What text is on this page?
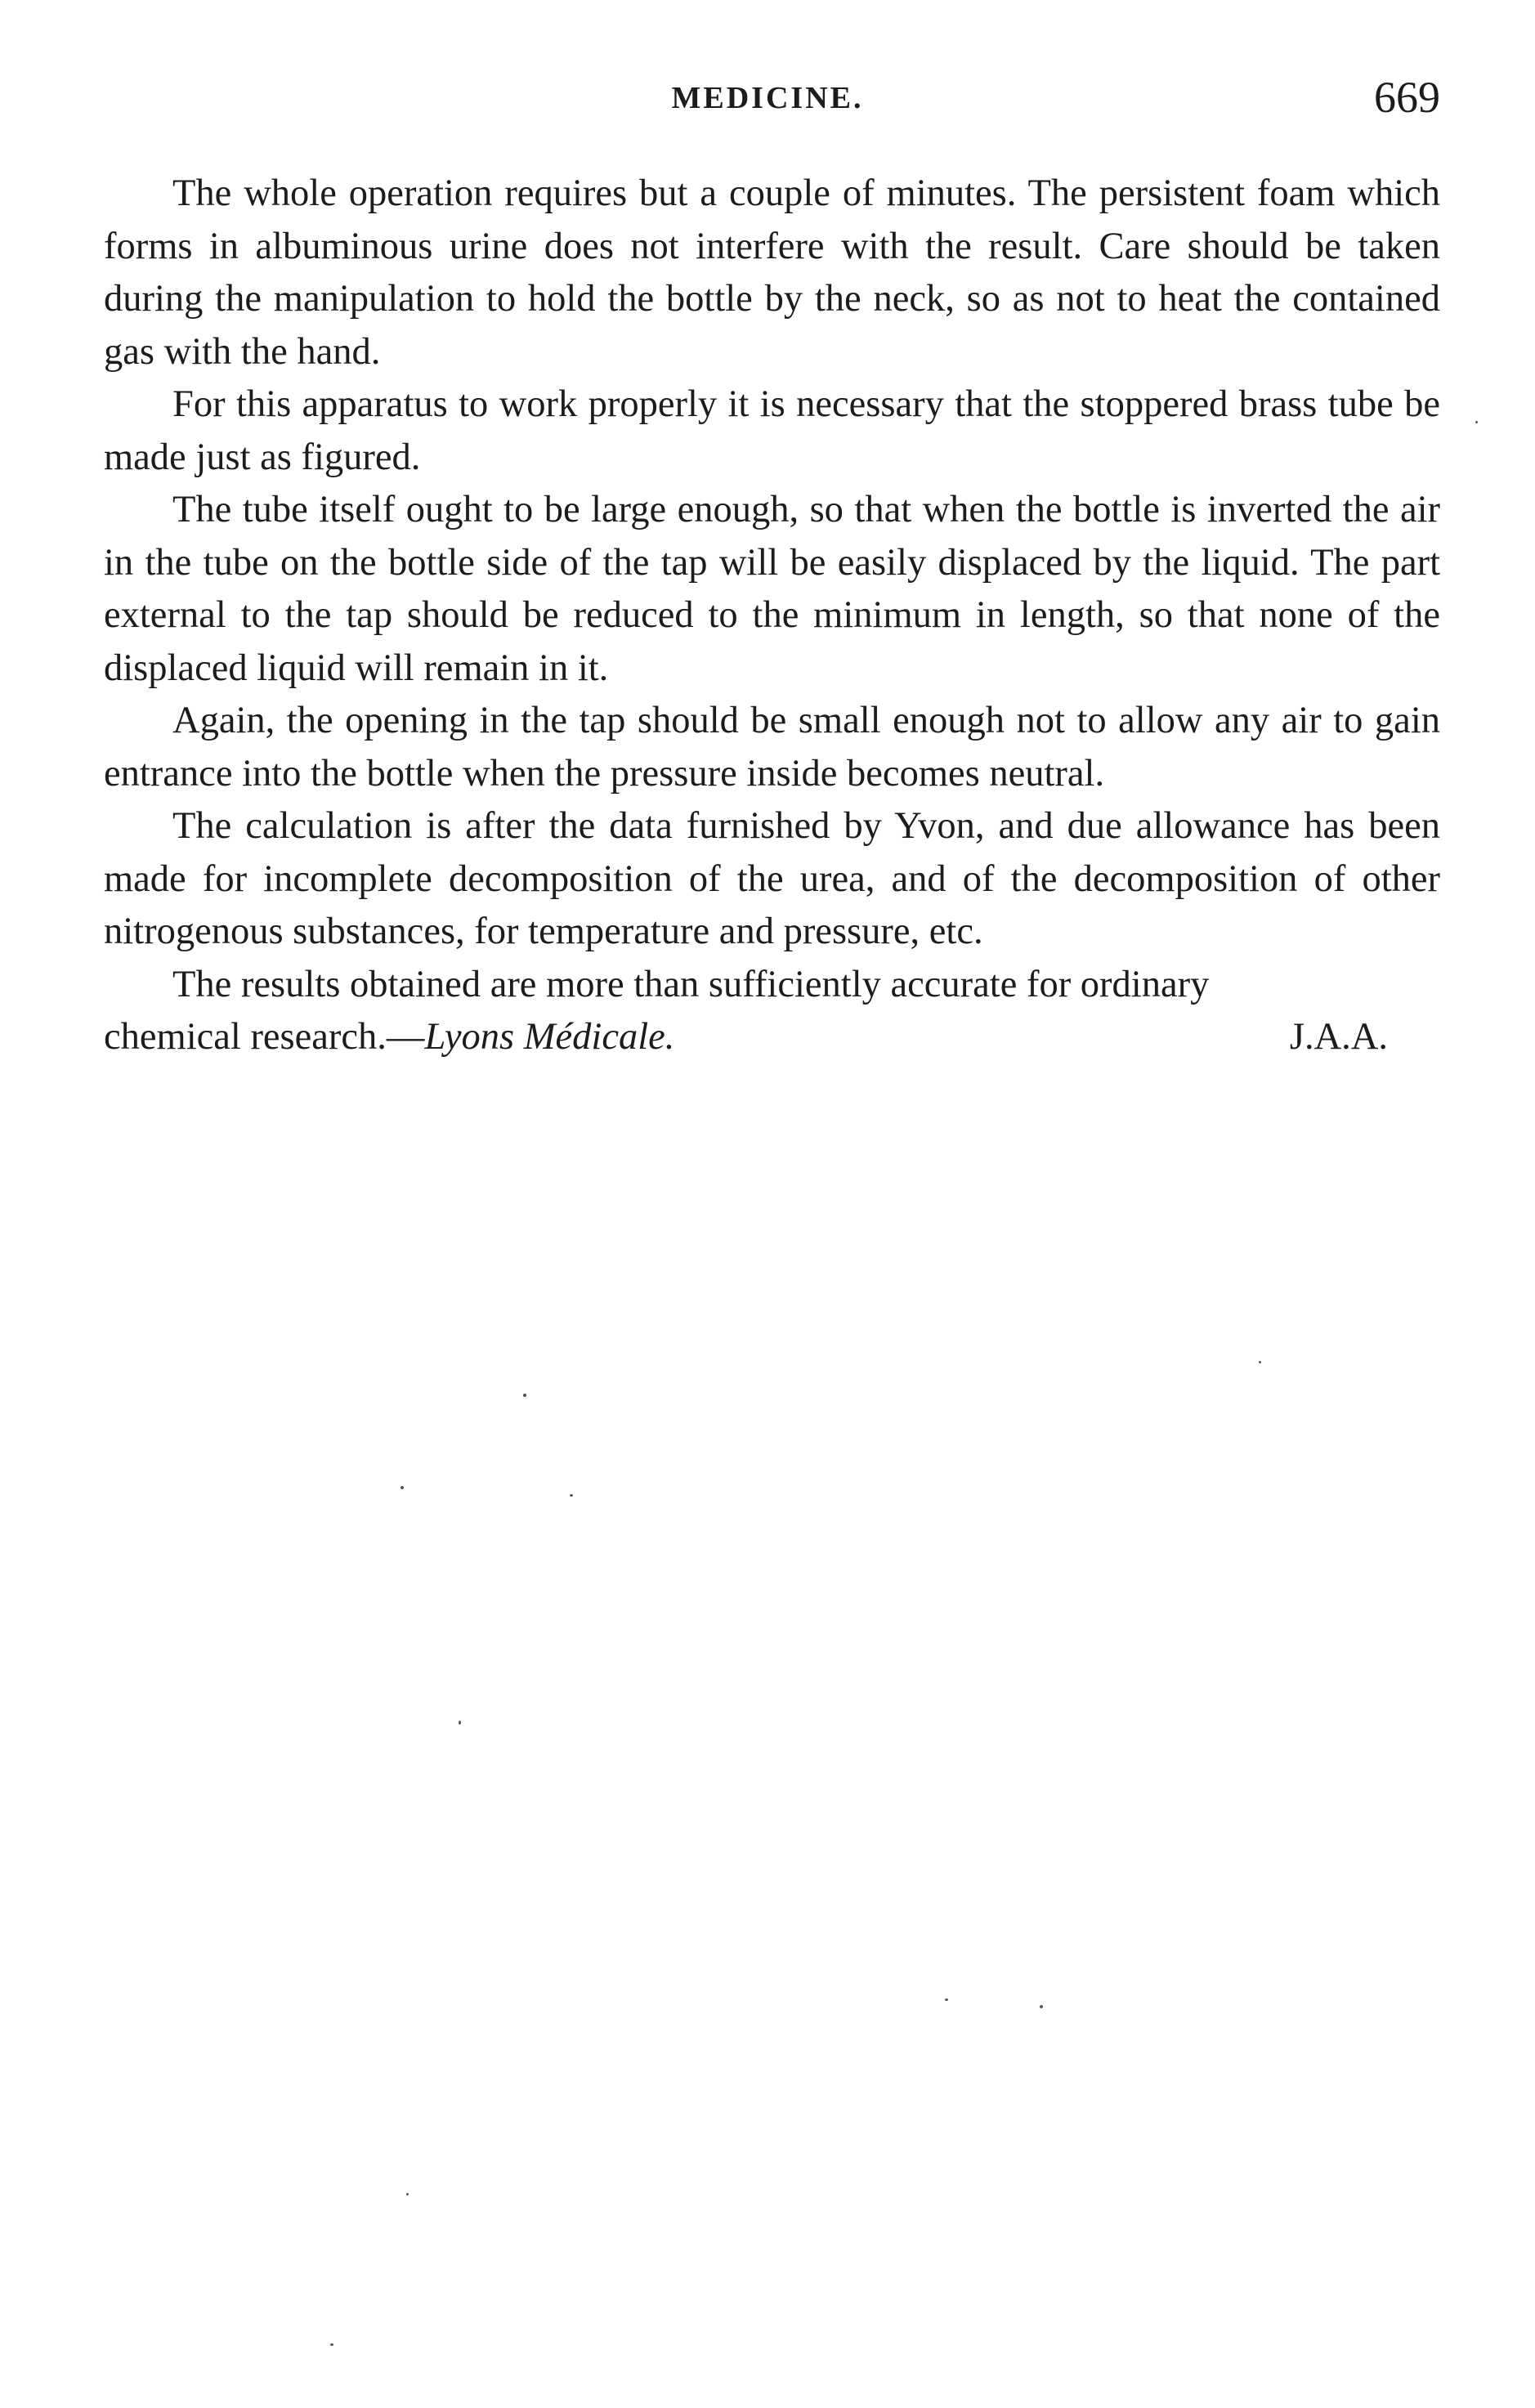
MEDICINE.	669

The whole operation requires but a couple of minutes. The persistent foam which forms in albuminous urine does not interfere with the result. Care should be taken during the manipulation to hold the bottle by the neck, so as not to heat the contained gas with the hand.

For this apparatus to work properly it is necessary that the stoppered brass tube be made just as figured.

The tube itself ought to be large enough, so that when the bottle is inverted the air in the tube on the bottle side of the tap will be easily displaced by the liquid. The part external to the tap should be reduced to the minimum in length, so that none of the displaced liquid will remain in it.

Again, the opening in the tap should be small enough not to allow any air to gain entrance into the bottle when the pressure inside becomes neutral.

The calculation is after the data furnished by Yvon, and due allowance has been made for incomplete decomposition of the urea, and of the decomposition of other nitrogenous substances, for temperature and pressure, etc.

The results obtained are more than sufficiently accurate for ordinary
chemical research.—Lyons Médicale.	J.A.A.
